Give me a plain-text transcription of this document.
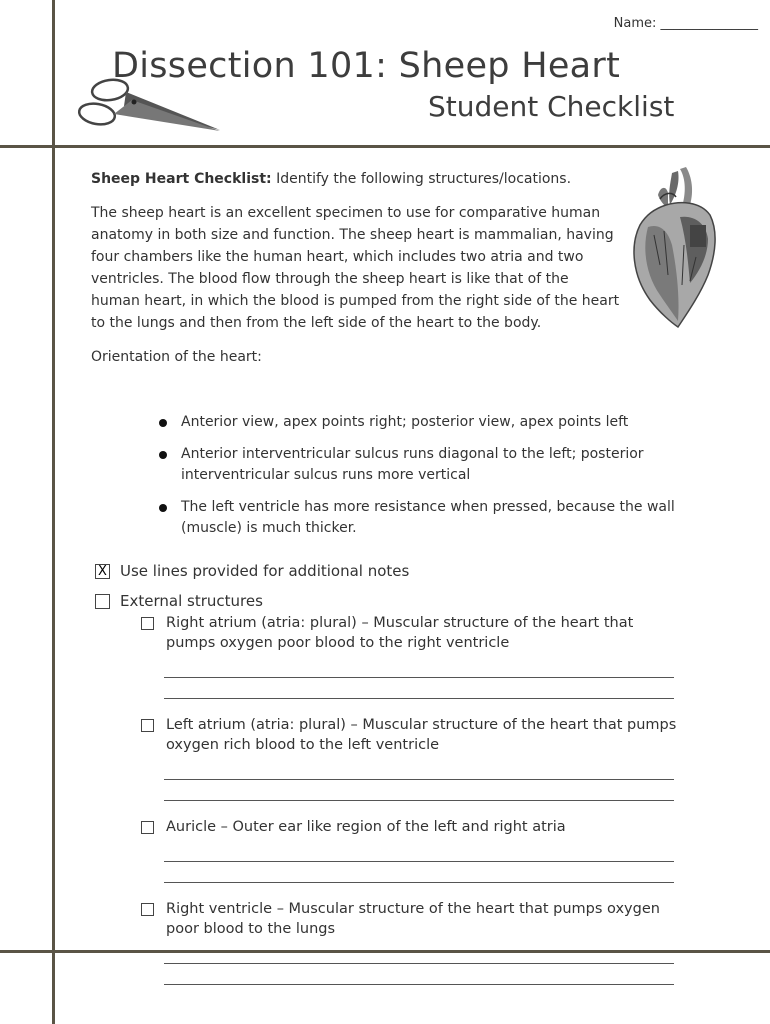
Name: _______________
Dissection 101: Sheep Heart
Student Checklist
Sheep Heart Checklist: Identify the following structures/locations.
The sheep heart is an excellent specimen to use for comparative human anatomy in both size and function. The sheep heart is mammalian, having four chambers like the human heart, which includes two atria and two ventricles. The blood flow through the sheep heart is like that of the human heart, in which the blood is pumped from the right side of the heart to the lungs and then from the left side of the heart to the body.
Orientation of the heart:
Anterior view, apex points right; posterior view, apex points left
Anterior interventricular sulcus runs diagonal to the left; posterior interventricular sulcus runs more vertical
The left ventricle has more resistance when pressed, because the wall (muscle) is much thicker.
X Use lines provided for additional notes
External structures
Right atrium (atria: plural) – Muscular structure of the heart that pumps oxygen poor blood to the right ventricle
Left atrium (atria: plural) – Muscular structure of the heart that pumps oxygen rich blood to the left ventricle
Auricle – Outer ear like region of the left and right atria
Right ventricle – Muscular structure of the heart that pumps oxygen poor blood to the lungs
